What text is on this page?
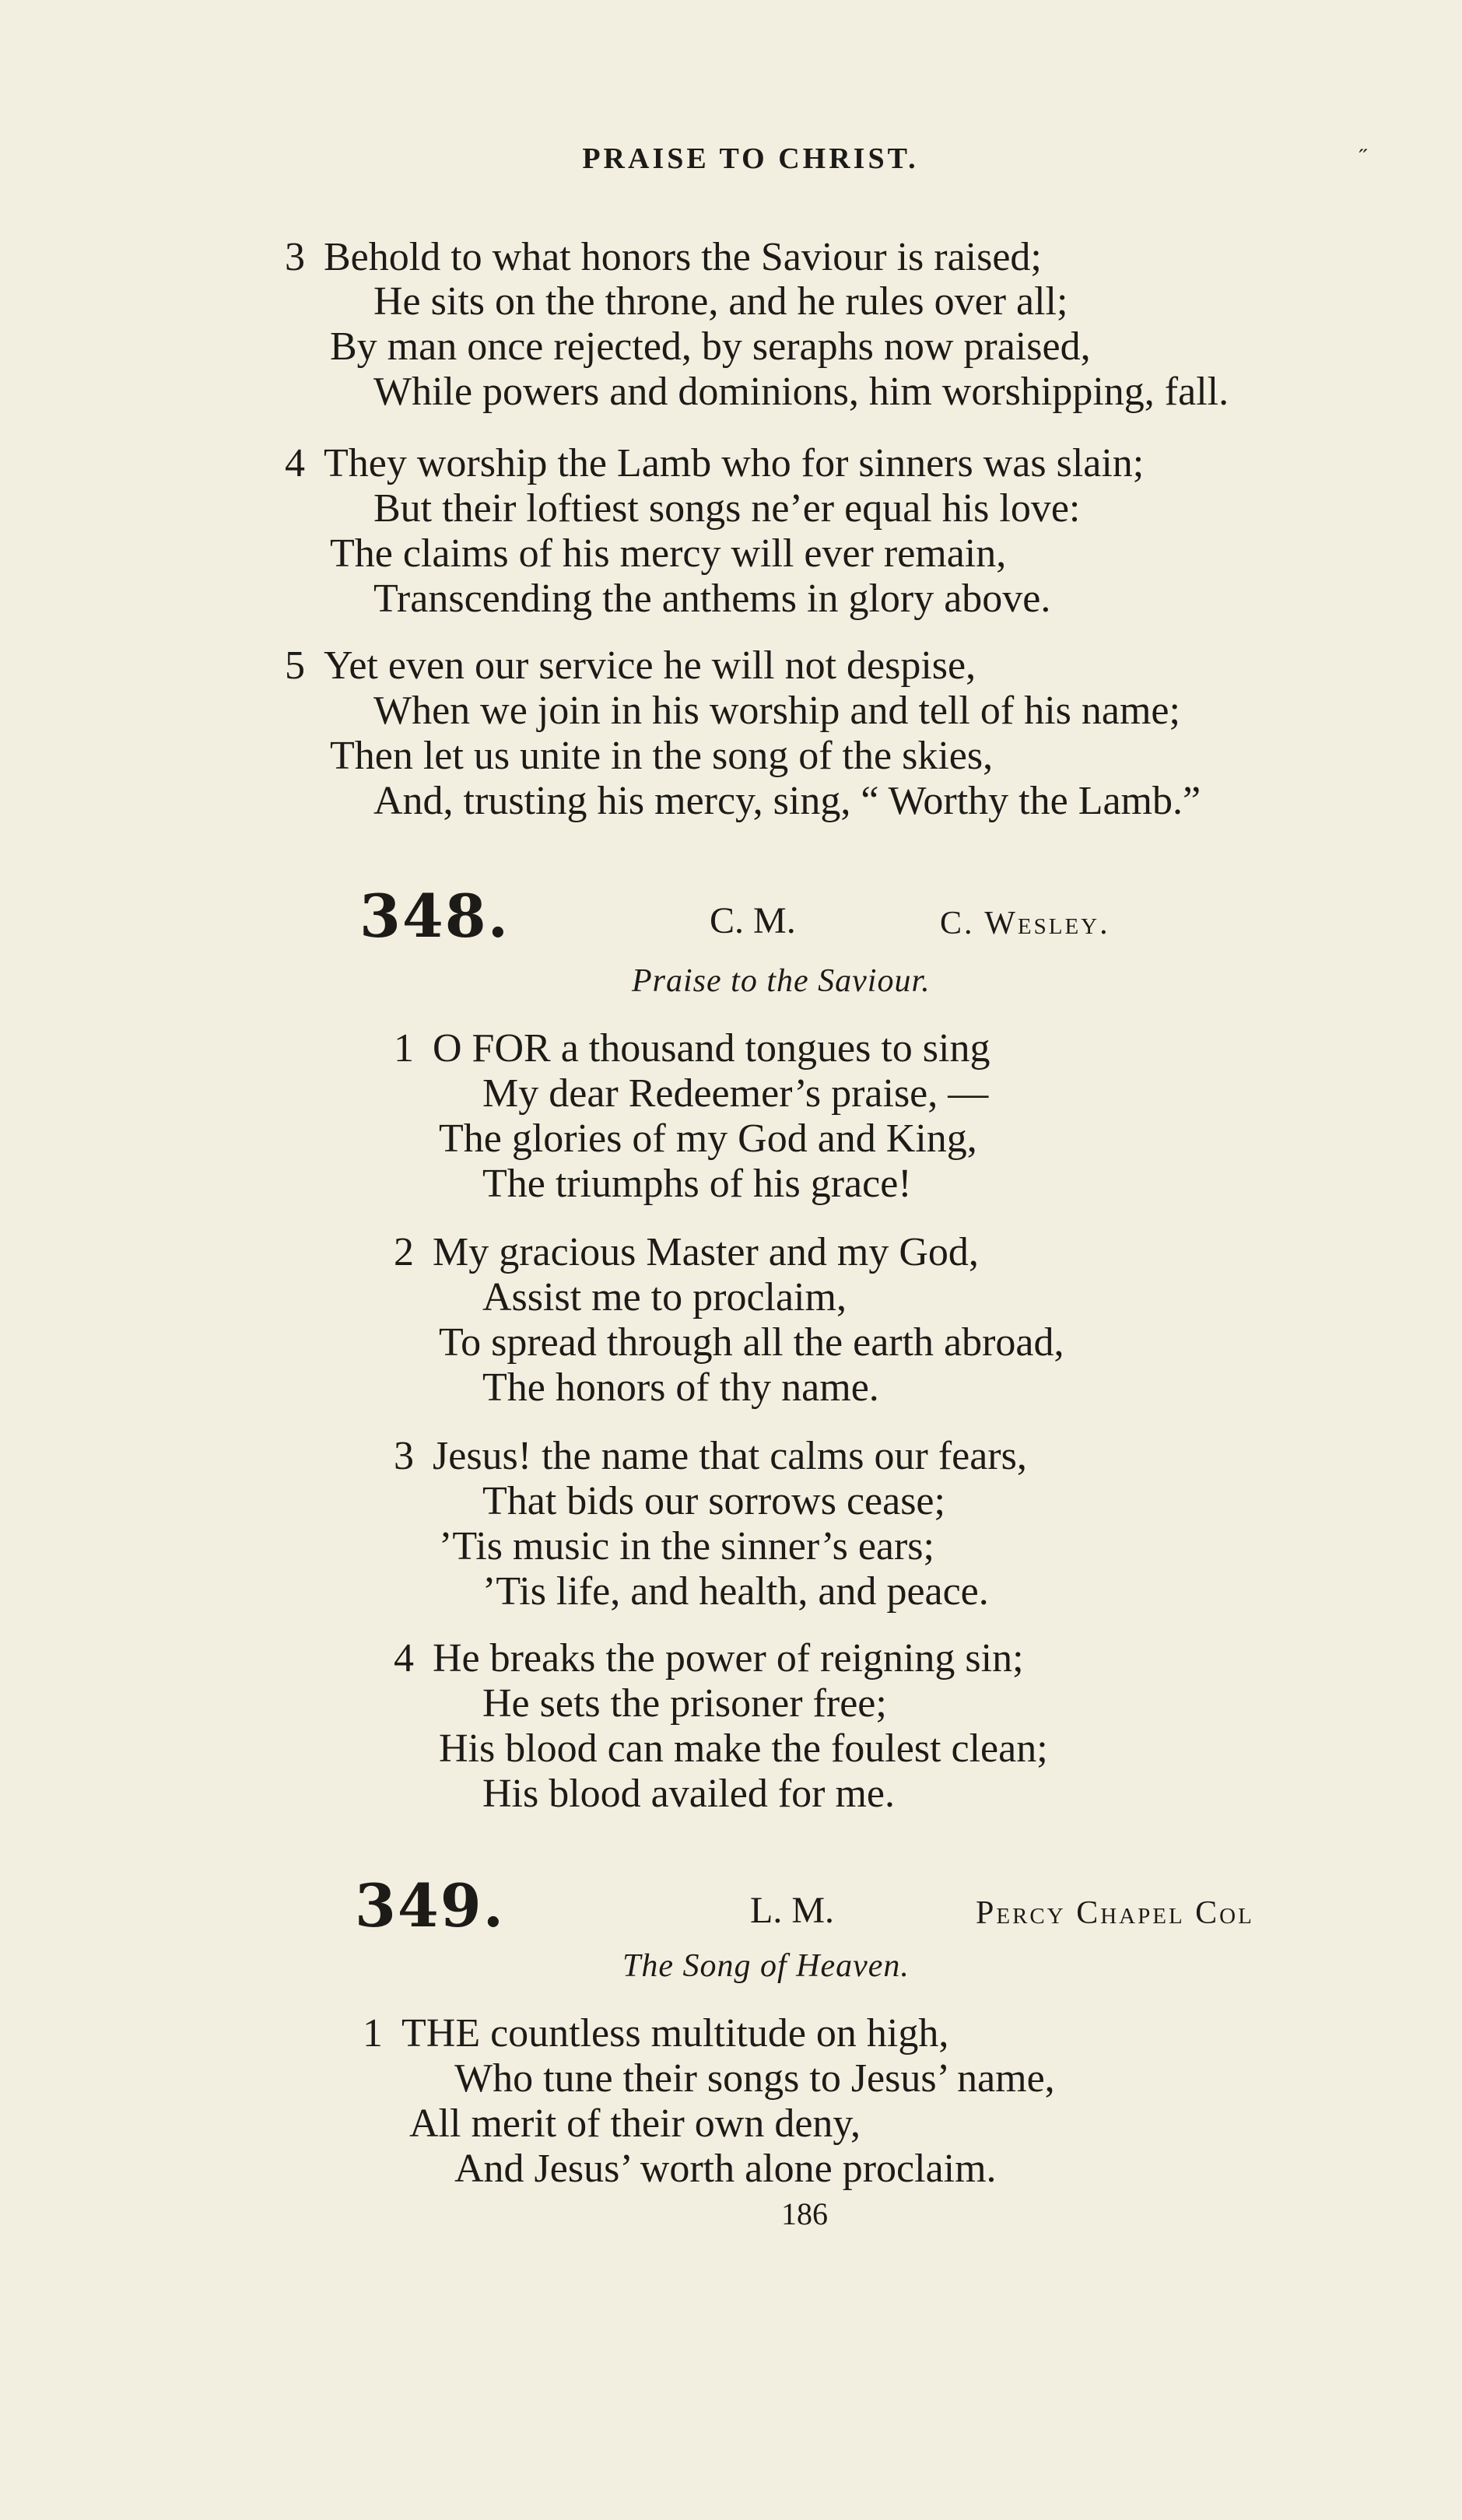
PRAISE TO CHRIST.	˝
3 Behold to what honors the Saviour is raised;
He sits on the throne, and he rules over all;
By man once rejected, by seraphs now praised,
While powers and dominions, him worshipping, fall.
4 They worship the Lamb who for sinners was slain;
But their loftiest songs ne’er equal his love:
The claims of his mercy will ever remain,
Transcending the anthems in glory above.
5 Yet even our service he will not despise,
When we join in his worship and tell of his name;
Then let us unite in the song of the skies,
And, trusting his mercy, sing, “ Worthy the Lamb.”
348.	C. M.	C. Wesley.
Praise to the Saviour.
1 O FOR a thousand tongues to sing
My dear Redeemer’s praise, —
The glories of my God and King,
The triumphs of his grace!
2 My gracious Master and my God,
Assist me to proclaim,
To spread through all the earth abroad,
The honors of thy name.
3 Jesus! the name that calms our fears,
That bids our sorrows cease;
’Tis music in the sinner’s ears;
’Tis life, and health, and peace.
4 He breaks the power of reigning sin;
He sets the prisoner free;
His blood can make the foulest clean;
His blood availed for me.
349.	L. M.	Percy Chapel Col
The Song of Heaven.
1 THE countless multitude on high,
Who tune their songs to Jesus’ name,
All merit of their own deny,
And Jesus’ worth alone proclaim.
186
